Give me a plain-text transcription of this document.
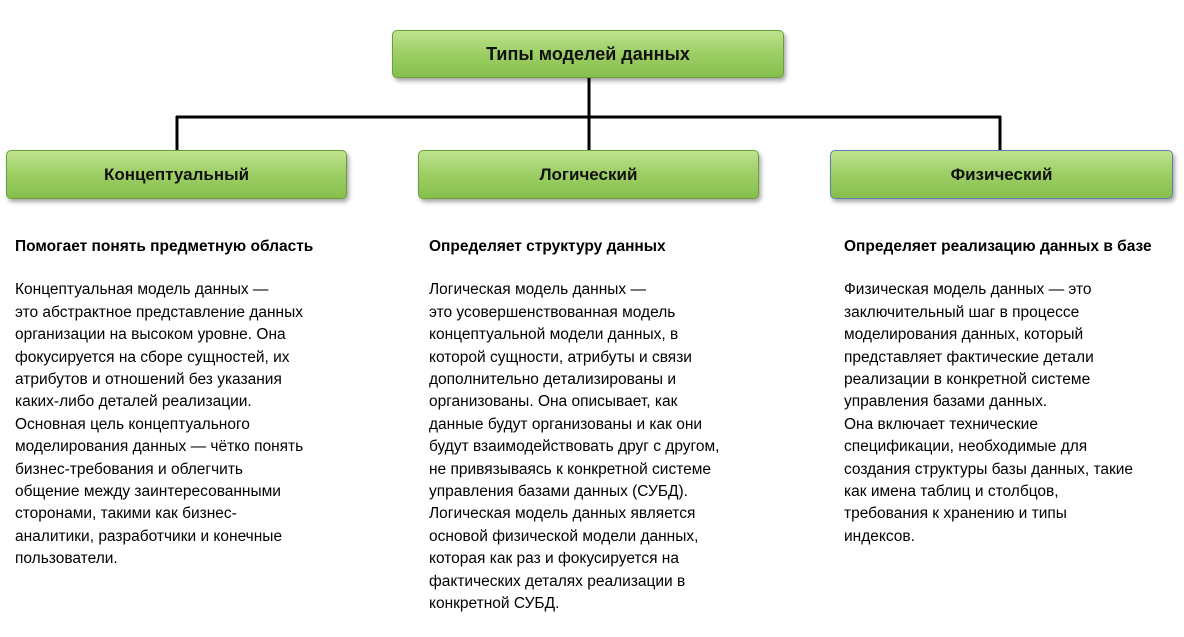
Типы моделей данных
Концептуальный	Логический	Физический

Помогает понять предметную область

Концептуальная модель данных —
это абстрактное представление данных
организации на высоком уровне. Она
фокусируется на сборе сущностей, их
атрибутов и отношений без указания
каких-либо деталей реализации.
Основная цель концептуального
моделирования данных — чётко понять
бизнес-требования и облегчить
общение между заинтересованными
сторонами, такими как бизнес-
аналитики, разработчики и конечные
пользователи.

Определяет структуру данных

Логическая модель данных —
это усовершенствованная модель
концептуальной модели данных, в
которой сущности, атрибуты и связи
дополнительно детализированы и
организованы. Она описывает, как
данные будут организованы и как они
будут взаимодействовать друг с другом,
не привязываясь к конкретной системе
управления базами данных (СУБД).
Логическая модель данных является
основой физической модели данных,
которая как раз и фокусируется на
фактических деталях реализации в
конкретной СУБД.

Определяет реализацию данных в базе

Физическая модель данных — это
заключительный шаг в процессе
моделирования данных, который
представляет фактические детали
реализации в конкретной системе
управления базами данных.
Она включает технические
спецификации, необходимые для
создания структуры базы данных, такие
как имена таблиц и столбцов,
требования к хранению и типы
индексов.
